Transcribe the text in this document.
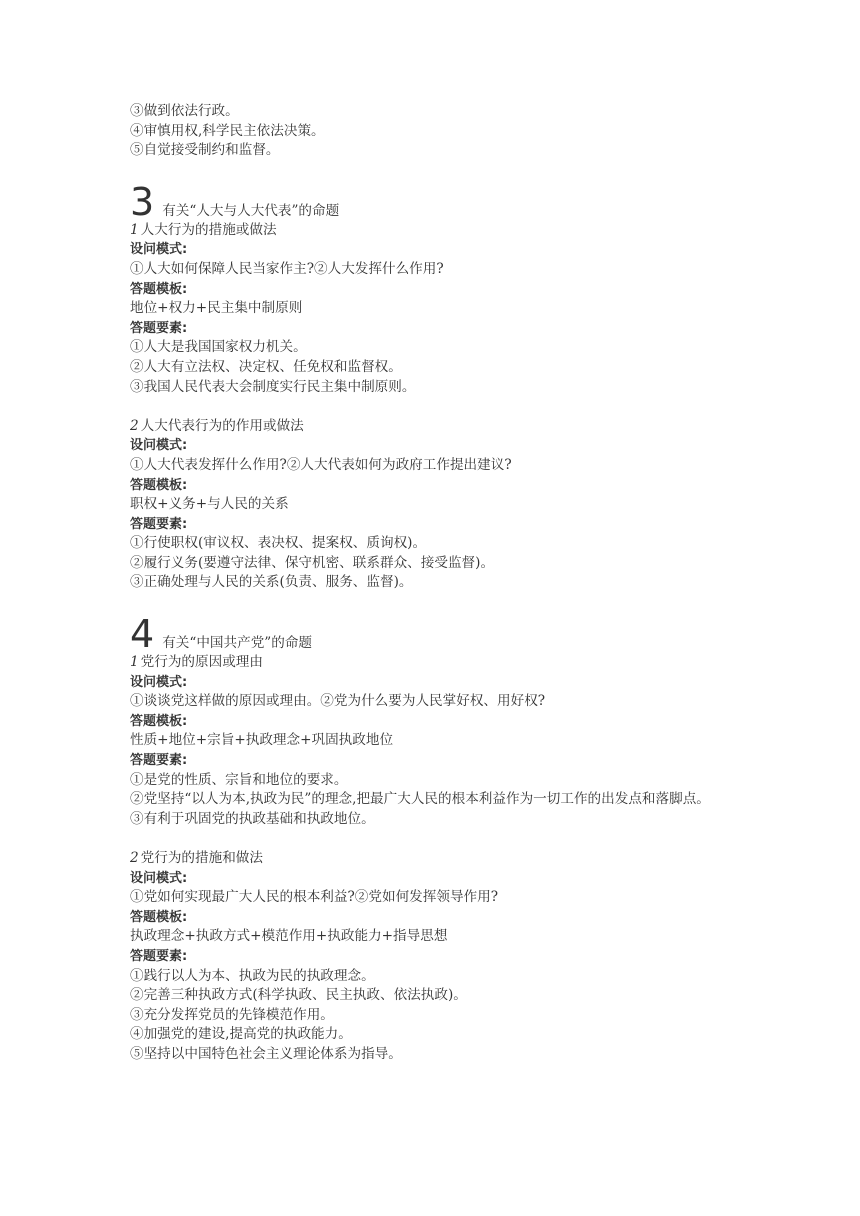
③做到依法行政。
④审慎用权,科学民主依法决策。
⑤自觉接受制约和监督。
3 有关“人大与人大代表”的命题
1 人大行为的措施或做法
设问模式:
①人大如何保障人民当家作主?②人大发挥什么作用?
答题模板:
地位+权力+民主集中制原则
答题要素:
①人大是我国国家权力机关。
②人大有立法权、决定权、任免权和监督权。
③我国人民代表大会制度实行民主集中制原则。
2 人大代表行为的作用或做法
设问模式:
①人大代表发挥什么作用?②人大代表如何为政府工作提出建议?
答题模板:
职权+义务+与人民的关系
答题要素:
①行使职权(审议权、表决权、提案权、质询权)。
②履行义务(要遵守法律、保守机密、联系群众、接受监督)。
③正确处理与人民的关系(负责、服务、监督)。
4 有关“中国共产党”的命题
1 党行为的原因或理由
设问模式:
①谈谈党这样做的原因或理由。②党为什么要为人民掌好权、用好权?
答题模板:
性质+地位+宗旨+执政理念+巩固执政地位
答题要素:
①是党的性质、宗旨和地位的要求。
②党坚持“以人为本,执政为民”的理念,把最广大人民的根本利益作为一切工作的出发点和落脚点。
③有利于巩固党的执政基础和执政地位。
2 党行为的措施和做法
设问模式:
①党如何实现最广大人民的根本利益?②党如何发挥领导作用?
答题模板:
执政理念+执政方式+模范作用+执政能力+指导思想
答题要素:
①践行以人为本、执政为民的执政理念。
②完善三种执政方式(科学执政、民主执政、依法执政)。
③充分发挥党员的先锋模范作用。
④加强党的建设,提高党的执政能力。
⑤坚持以中国特色社会主义理论体系为指导。
